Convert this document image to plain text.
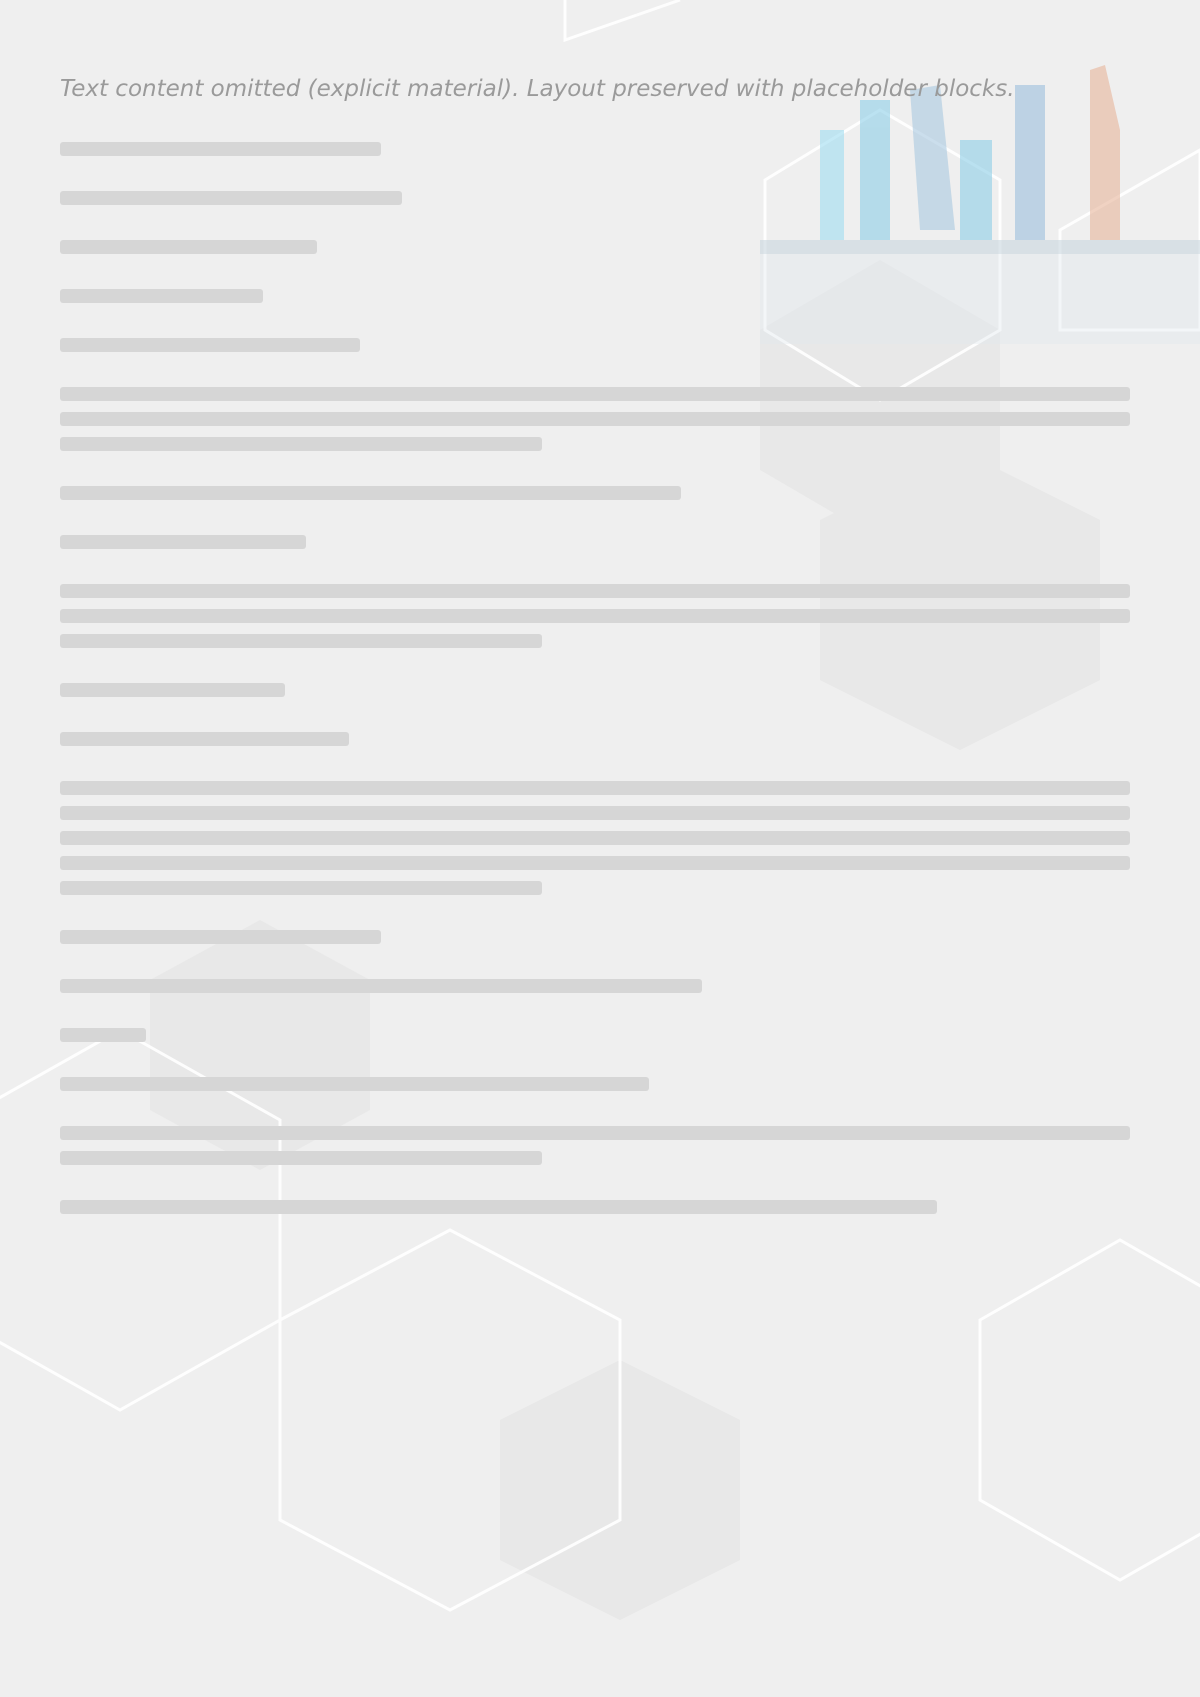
Text content omitted (explicit material). Layout preserved with placeholder blocks.
